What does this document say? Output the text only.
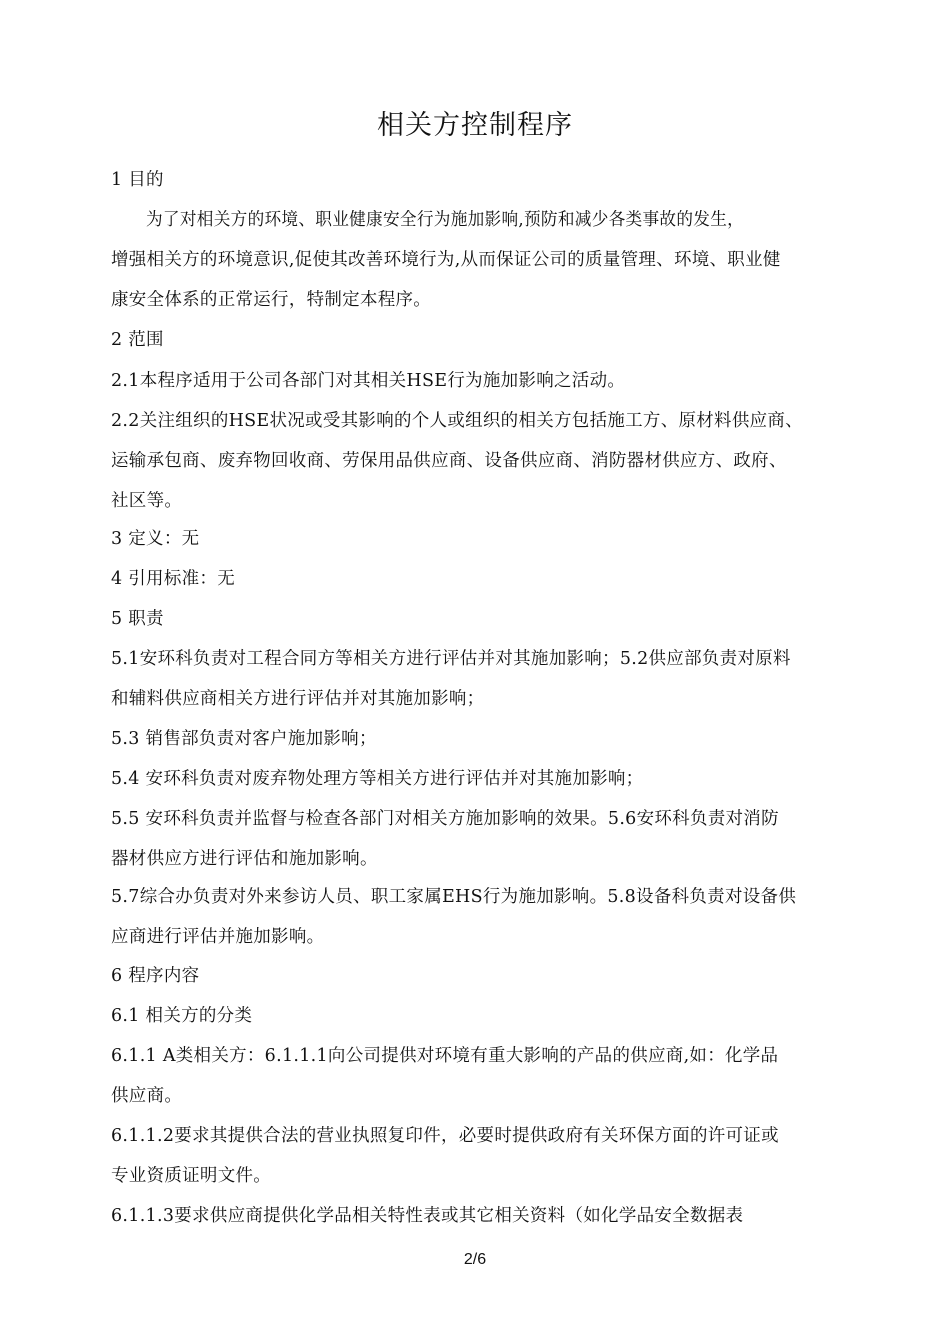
相关方控制程序
1 目的
为了对相关方的环境、职业健康安全行为施加影响,预防和减少各类事故的发生，
增强相关方的环境意识,促使其改善环境行为,从而保证公司的质量管理、环境、职业健
康安全体系的正常运行，特制定本程序。
2 范围
2.1本程序适用于公司各部门对其相关HSE行为施加影响之活动。
2.2关注组织的HSE状况或受其影响的个人或组织的相关方包括施工方、原材料供应商、
运输承包商、废弃物回收商、劳保用品供应商、设备供应商、消防器材供应方、政府、
社区等。
3 定义：无
4 引用标准：无
5 职责
5.1安环科负责对工程合同方等相关方进行评估并对其施加影响；5.2供应部负责对原料
和辅料供应商相关方进行评估并对其施加影响；
5.3 销售部负责对客户施加影响；
5.4 安环科负责对废弃物处理方等相关方进行评估并对其施加影响；
5.5 安环科负责并监督与检查各部门对相关方施加影响的效果。5.6安环科负责对消防
器材供应方进行评估和施加影响。
5.7综合办负责对外来参访人员、职工家属EHS行为施加影响。5.8设备科负责对设备供
应商进行评估并施加影响。
6 程序内容
6.1 相关方的分类
6.1.1 A类相关方：6.1.1.1向公司提供对环境有重大影响的产品的供应商,如：化学品
供应商。
6.1.1.2要求其提供合法的营业执照复印件，必要时提供政府有关环保方面的许可证或
专业资质证明文件。
6.1.1.3要求供应商提供化学品相关特性表或其它相关资料（如化学品安全数据表
2/6
